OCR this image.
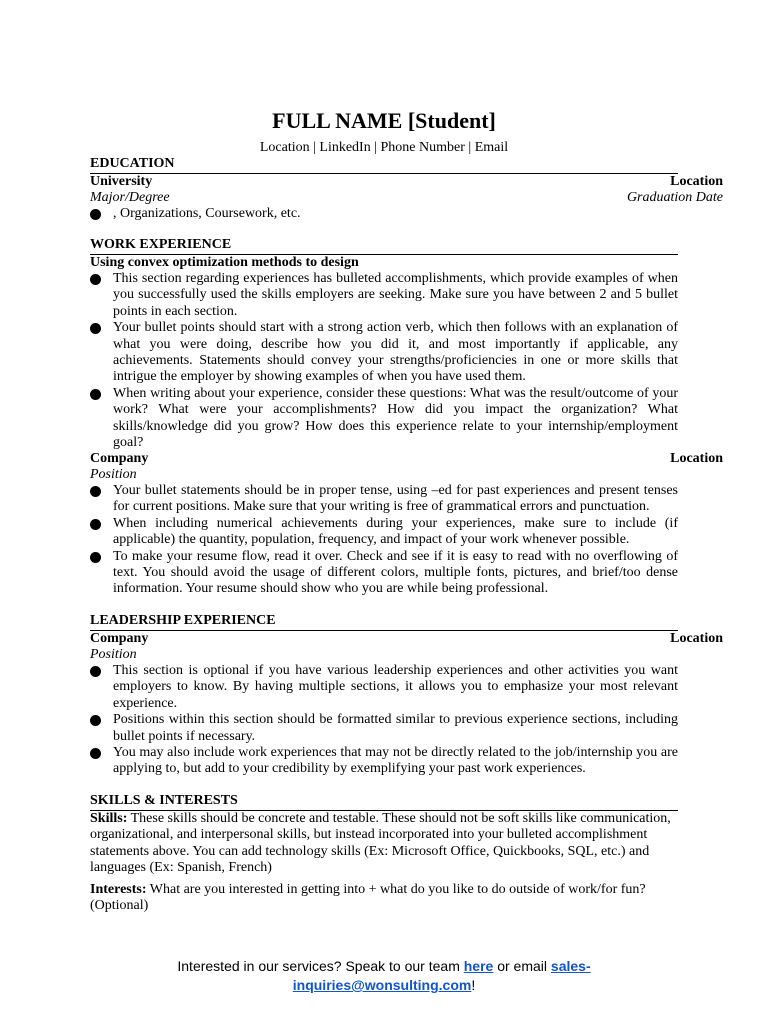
FULL NAME [Student]
Location | LinkedIn | Phone Number | Email
EDUCATION
University	Location
Major/Degree	Graduation Date
, Organizations, Coursework, etc.
WORK EXPERIENCE
Using convex optimization methods to design
This section regarding experiences has bulleted accomplishments, which provide examples of when you successfully used the skills employers are seeking. Make sure you have between 2 and 5 bullet points in each section.
Your bullet points should start with a strong action verb, which then follows with an explanation of what you were doing, describe how you did it, and most importantly if applicable, any achievements. Statements should convey your strengths/proficiencies in one or more skills that intrigue the employer by showing examples of when you have used them.
When writing about your experience, consider these questions: What was the result/outcome of your work? What were your accomplishments? How did you impact the organization? What skills/knowledge did you grow? How does this experience relate to your internship/employment goal?
Company	Location
Position
Your bullet statements should be in proper tense, using –ed for past experiences and present tenses for current positions. Make sure that your writing is free of grammatical errors and punctuation.
When including numerical achievements during your experiences, make sure to include (if applicable) the quantity, population, frequency, and impact of your work whenever possible.
To make your resume flow, read it over. Check and see if it is easy to read with no overflowing of text. You should avoid the usage of different colors, multiple fonts, pictures, and brief/too dense information. Your resume should show who you are while being professional.
LEADERSHIP EXPERIENCE
Company	Location
Position
This section is optional if you have various leadership experiences and other activities you want employers to know. By having multiple sections, it allows you to emphasize your most relevant experience.
Positions within this section should be formatted similar to previous experience sections, including bullet points if necessary.
You may also include work experiences that may not be directly related to the job/internship you are applying to, but add to your credibility by exemplifying your past work experiences.
SKILLS & INTERESTS
Skills: These skills should be concrete and testable. These should not be soft skills like communication, organizational, and interpersonal skills, but instead incorporated into your bulleted accomplishment statements above. You can add technology skills (Ex: Microsoft Office, Quickbooks, SQL, etc.) and languages (Ex: Spanish, French)
Interests: What are you interested in getting into + what do you like to do outside of work/for fun? (Optional)
Interested in our services? Speak to our team here or email sales-inquiries@wonsulting.com!
